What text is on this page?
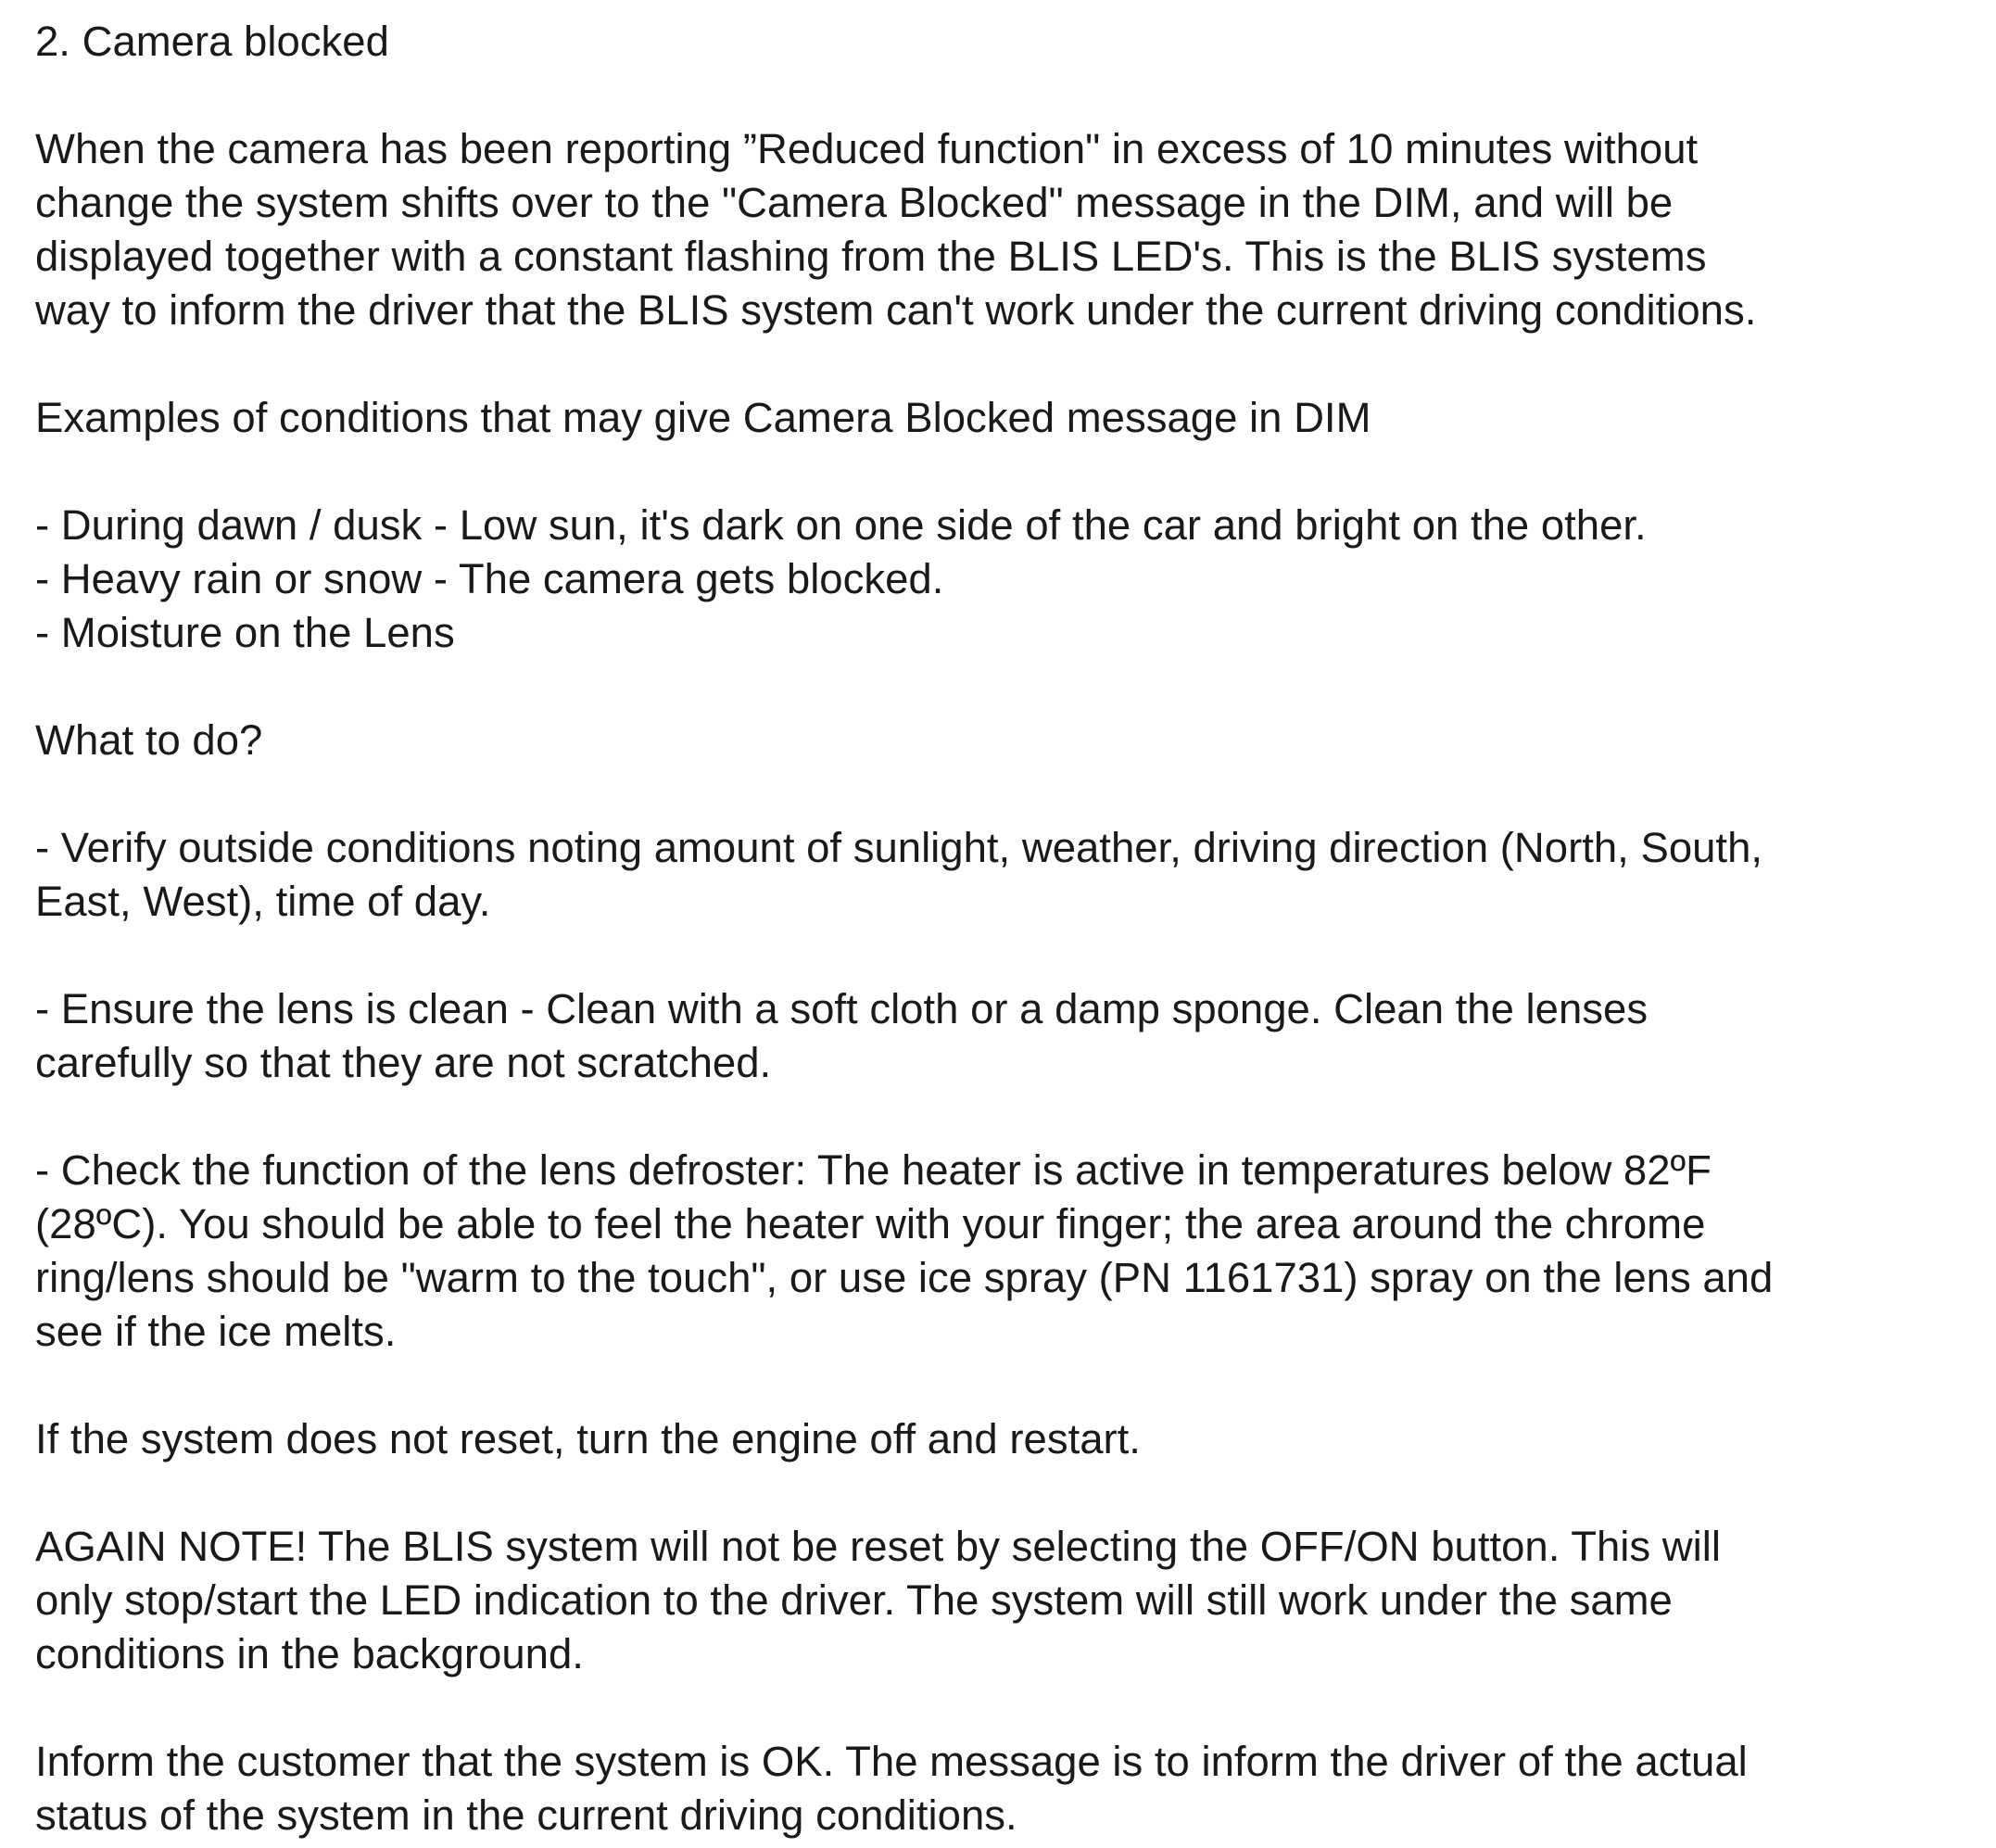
2. Camera blocked
When the camera has been reporting ”Reduced function" in excess of 10 minutes without
change the system shifts over to the "Camera Blocked" message in the DIM, and will be
displayed together with a constant flashing from the BLIS LED's. This is the BLIS systems
way to inform the driver that the BLIS system can't work under the current driving conditions.
Examples of conditions that may give Camera Blocked message in DIM
- During dawn / dusk - Low sun, it's dark on one side of the car and bright on the other.
- Heavy rain or snow - The camera gets blocked.
- Moisture on the Lens
What to do?
- Verify outside conditions noting amount of sunlight, weather, driving direction (North, South,
East, West), time of day.
- Ensure the lens is clean - Clean with a soft cloth or a damp sponge. Clean the lenses
carefully so that they are not scratched.
- Check the function of the lens defroster: The heater is active in temperatures below 82ºF
(28ºC). You should be able to feel the heater with your finger; the area around the chrome
ring/lens should be "warm to the touch", or use ice spray (PN 1161731) spray on the lens and
see if the ice melts.
If the system does not reset, turn the engine off and restart.
AGAIN NOTE! The BLIS system will not be reset by selecting the OFF/ON button. This will
only stop/start the LED indication to the driver. The system will still work under the same
conditions in the background.
Inform the customer that the system is OK. The message is to inform the driver of the actual
status of the system in the current driving conditions.
